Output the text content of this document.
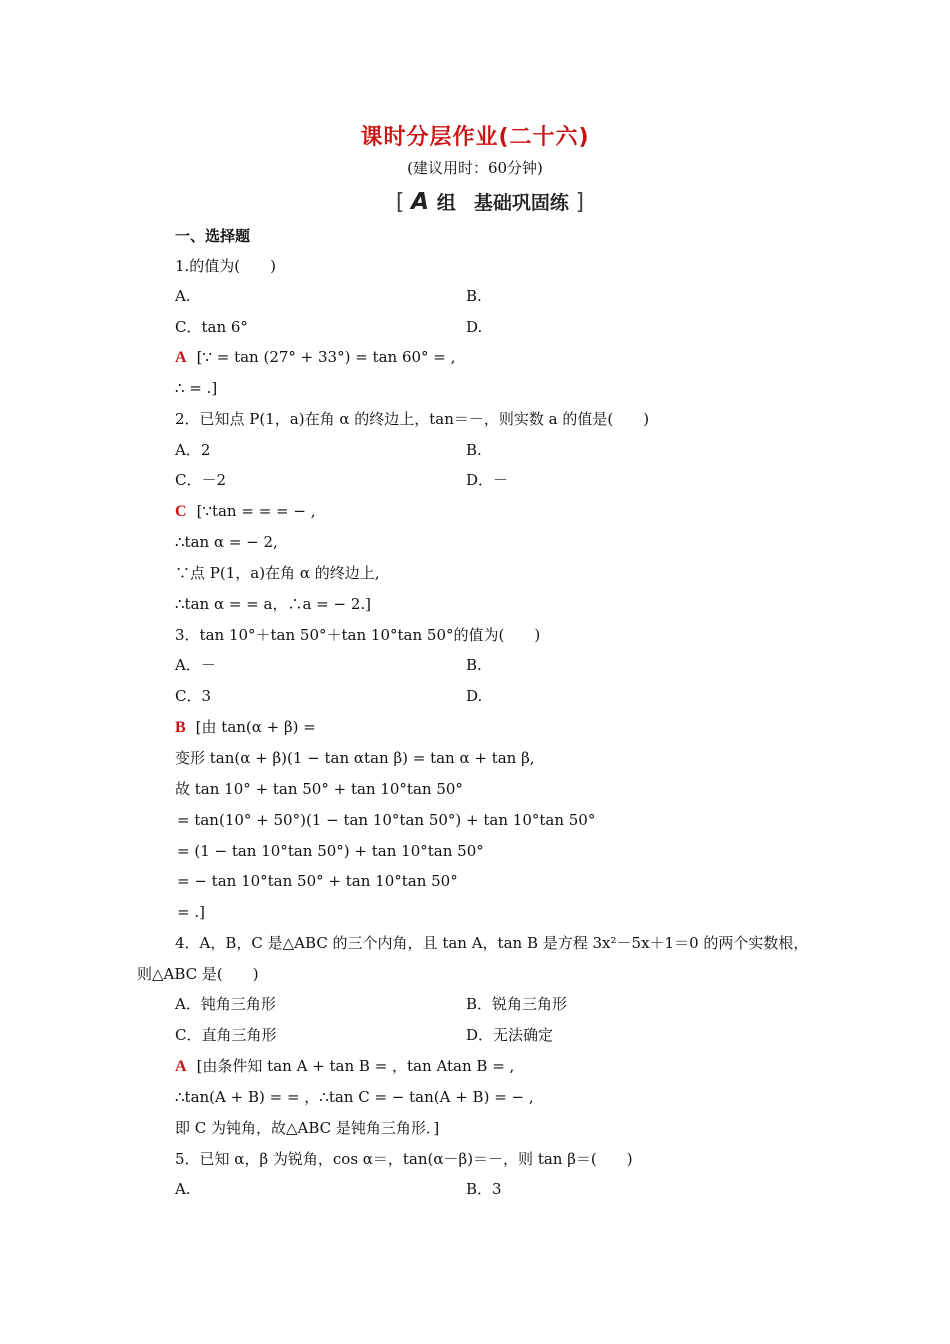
课时分层作业(二十六)
(建议用时：60分钟)
[ A 组 基础巩固练 ]
一、选择题
1.的值为(　　)
A.	B.
C．tan 6°	D.
A [∵ = tan (27° + 33°) = tan 60° = ,
∴ = .]
2．已知点 P(1，a)在角 α 的终边上，tan＝－，则实数 a 的值是(　　)
A．2	B.
C．－2	D．－
C [∵tan = = = − ,
∴tan α = − 2,
∵点 P(1，a)在角 α 的终边上,
∴tan α = = a，∴a = − 2.]
3．tan 10°＋tan 50°＋tan 10°tan 50°的值为(　　)
A．－	B.
C．3	D.
B [由 tan(α + β) =
变形 tan(α + β)(1 − tan αtan β) = tan α + tan β,
故 tan 10° + tan 50° + tan 10°tan 50°
= tan(10° + 50°)(1 − tan 10°tan 50°) + tan 10°tan 50°
= (1 − tan 10°tan 50°) + tan 10°tan 50°
= − tan 10°tan 50° + tan 10°tan 50°
= .]
4．A，B，C 是△ABC 的三个内角，且 tan A，tan B 是方程 3x²－5x＋1＝0 的两个实数根，
则△ABC 是(　　)
A．钝角三角形	B．锐角三角形
C．直角三角形	D．无法确定
A [由条件知 tan A + tan B = ，tan Atan B = ,
∴tan(A + B) = = ，∴tan C = − tan(A + B) = − ,
即 C 为钝角，故△ABC 是钝角三角形．]
5．已知 α，β 为锐角，cos α＝，tan(α－β)＝－，则 tan β＝(　　)
A.	B．3
